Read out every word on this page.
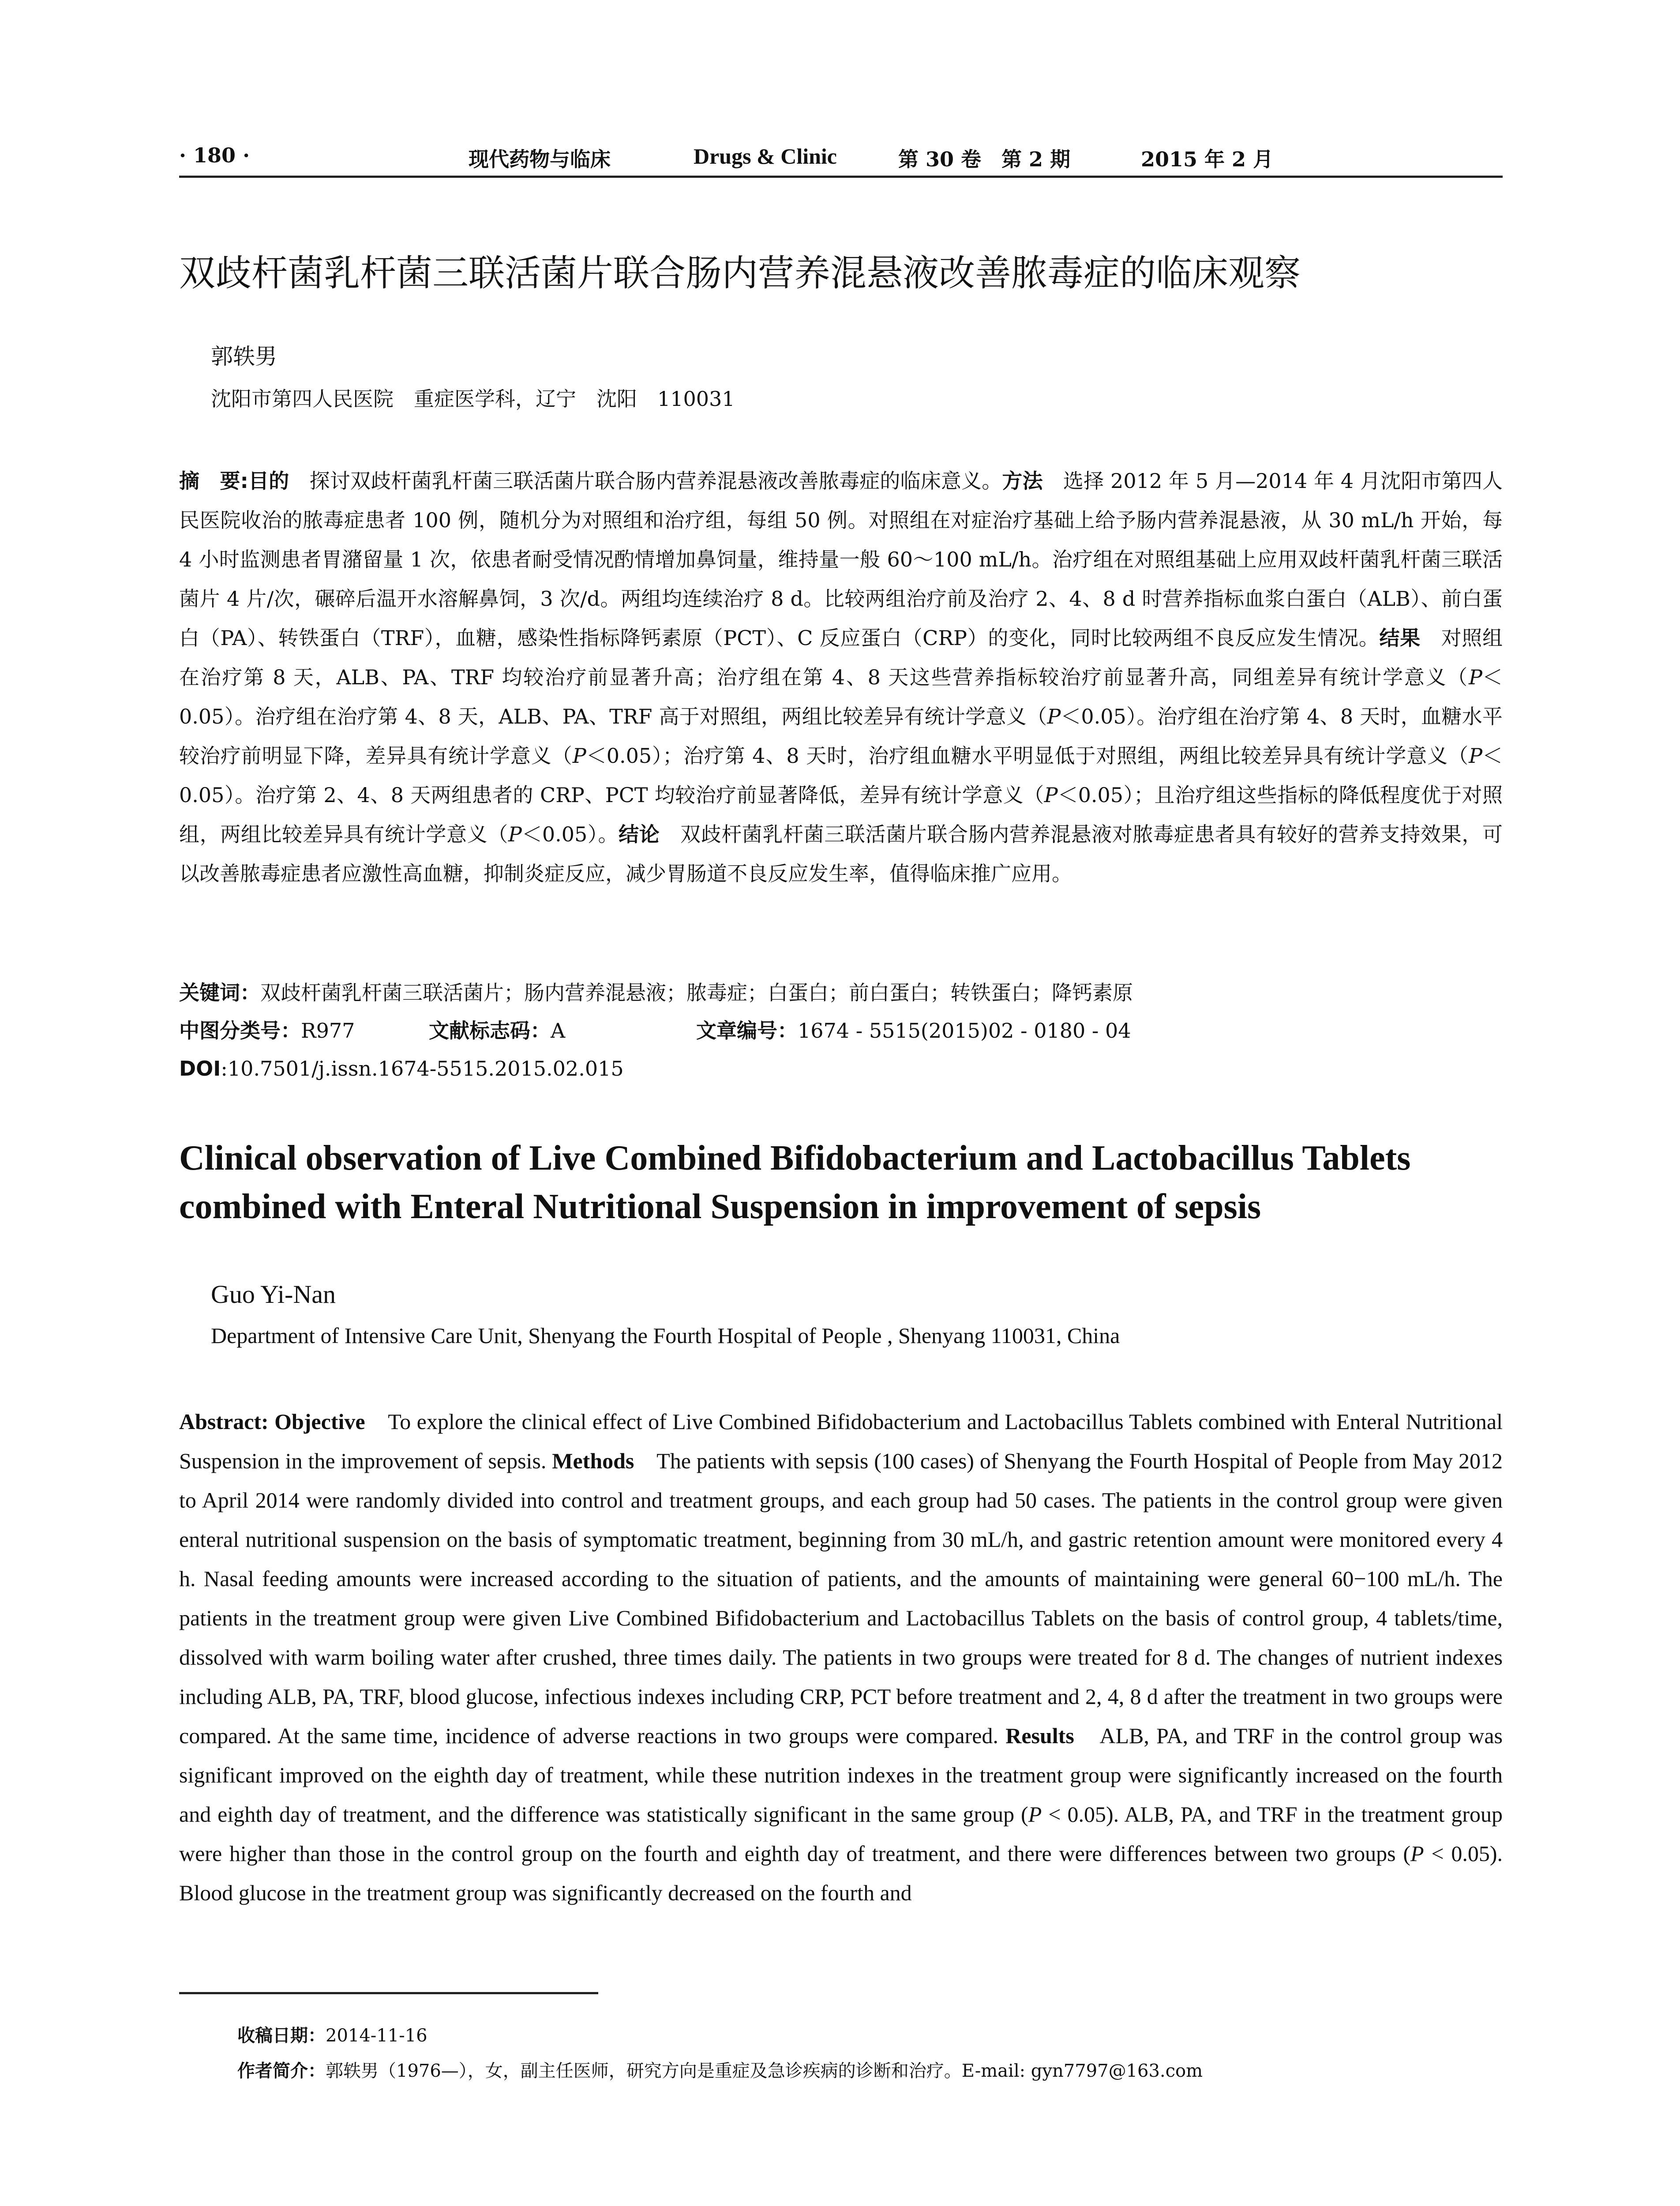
· 180 ·	现代药物与临床	Drugs & Clinic	第 30 卷　第 2 期	2015 年 2 月
双歧杆菌乳杆菌三联活菌片联合肠内营养混悬液改善脓毒症的临床观察
郭轶男
沈阳市第四人民医院　重症医学科，辽宁　沈阳　110031
摘　要:目的　探讨双歧杆菌乳杆菌三联活菌片联合肠内营养混悬液改善脓毒症的临床意义。方法　选择 2012 年 5 月—2014 年 4 月沈阳市第四人民医院收治的脓毒症患者 100 例，随机分为对照组和治疗组，每组 50 例。对照组在对症治疗基础上给予肠内营养混悬液，从 30 mL/h 开始，每 4 小时监测患者胃潴留量 1 次，依患者耐受情况酌情增加鼻饲量，维持量一般 60～100 mL/h。治疗组在对照组基础上应用双歧杆菌乳杆菌三联活菌片 4 片/次，碾碎后温开水溶解鼻饲，3 次/d。两组均连续治疗 8 d。比较两组治疗前及治疗 2、4、8 d 时营养指标血浆白蛋白（ALB）、前白蛋白（PA）、转铁蛋白（TRF），血糖，感染性指标降钙素原（PCT）、C 反应蛋白（CRP）的变化，同时比较两组不良反应发生情况。结果　对照组在治疗第 8 天，ALB、PA、TRF 均较治疗前显著升高；治疗组在第 4、8 天这些营养指标较治疗前显著升高，同组差异有统计学意义（P＜0.05）。治疗组在治疗第 4、8 天，ALB、PA、TRF 高于对照组，两组比较差异有统计学意义（P＜0.05）。治疗组在治疗第 4、8 天时，血糖水平较治疗前明显下降，差异具有统计学意义（P＜0.05）；治疗第 4、8 天时，治疗组血糖水平明显低于对照组，两组比较差异具有统计学意义（P＜0.05）。治疗第 2、4、8 天两组患者的 CRP、PCT 均较治疗前显著降低，差异有统计学意义（P＜0.05）；且治疗组这些指标的降低程度优于对照组，两组比较差异具有统计学意义（P＜0.05）。结论　双歧杆菌乳杆菌三联活菌片联合肠内营养混悬液对脓毒症患者具有较好的营养支持效果，可以改善脓毒症患者应激性高血糖，抑制炎症反应，减少胃肠道不良反应发生率，值得临床推广应用。
关键词：双歧杆菌乳杆菌三联活菌片；肠内营养混悬液；脓毒症；白蛋白；前白蛋白；转铁蛋白；降钙素原
中图分类号：R977	文献标志码：A	文章编号：1674 - 5515(2015)02 - 0180 - 04
DOI:10.7501/j.issn.1674-5515.2015.02.015
Clinical observation of Live Combined Bifidobacterium and Lactobacillus Tablets combined with Enteral Nutritional Suspension in improvement of sepsis
Guo Yi-Nan
Department of Intensive Care Unit, Shenyang the Fourth Hospital of People , Shenyang 110031, China
Abstract: Objective　To explore the clinical effect of Live Combined Bifidobacterium and Lactobacillus Tablets combined with Enteral Nutritional Suspension in the improvement of sepsis. Methods　The patients with sepsis (100 cases) of Shenyang the Fourth Hospital of People from May 2012 to April 2014 were randomly divided into control and treatment groups, and each group had 50 cases. The patients in the control group were given enteral nutritional suspension on the basis of symptomatic treatment, beginning from 30 mL/h, and gastric retention amount were monitored every 4 h. Nasal feeding amounts were increased according to the situation of patients, and the amounts of maintaining were general 60−100 mL/h. The patients in the treatment group were given Live Combined Bifidobacterium and Lactobacillus Tablets on the basis of control group, 4 tablets/time, dissolved with warm boiling water after crushed, three times daily. The patients in two groups were treated for 8 d. The changes of nutrient indexes including ALB, PA, TRF, blood glucose, infectious indexes including CRP, PCT before treatment and 2, 4, 8 d after the treatment in two groups were compared. At the same time, incidence of adverse reactions in two groups were compared. Results　ALB, PA, and TRF in the control group was significant improved on the eighth day of treatment, while these nutrition indexes in the treatment group were significantly increased on the fourth and eighth day of treatment, and the difference was statistically significant in the same group (P < 0.05). ALB, PA, and TRF in the treatment group were higher than those in the control group on the fourth and eighth day of treatment, and there were differences between two groups (P < 0.05). Blood glucose in the treatment group was significantly decreased on the fourth and
收稿日期：2014-11-16
作者简介：郭轶男（1976—），女，副主任医师，研究方向是重症及急诊疾病的诊断和治疗。E-mail: gyn7797@163.com
